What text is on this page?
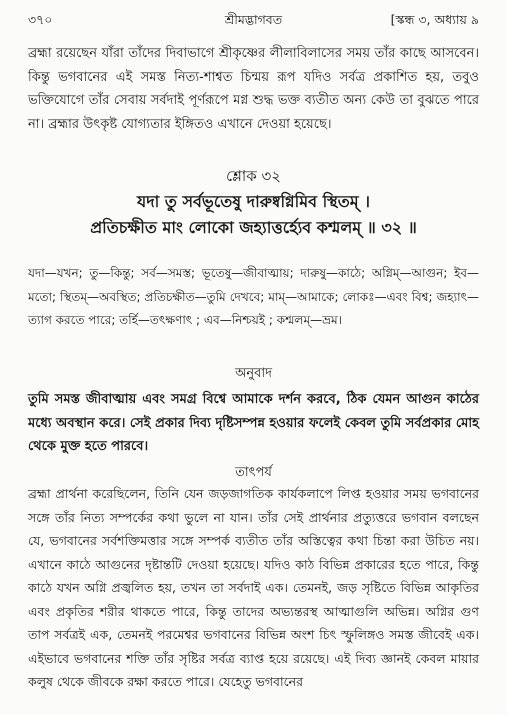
৩৭০	শ্রীমদ্ভাগবত	[স্কন্ধ ৩, অধ্যায় ৯
ব্রহ্মা রয়েছেন যাঁরা তাঁদের দিবাভাগে শ্রীকৃষ্ণের লীলাবিলাসের সময় তাঁর কাছে আসবেন। কিন্তু ভগবানের এই সমস্ত নিত্য-শাশ্বত চিন্ময় রূপ যদিও সর্বত্র প্রকাশিত হয়, তবুও ভক্তিযোগে তাঁর সেবায় সর্বদাই পূর্ণরূপে মগ্ন শুদ্ধ ভক্ত ব্যতীত অন্য কেউ তা বুঝতে পারে না। ব্রহ্মার উৎকৃষ্ট যোগ্যতার ইঙ্গিতও এখানে দেওয়া হয়েছে।
শ্লোক ৩২
যদা তু সর্বভূতেষু দারুষ্বগ্নিমিব স্থিতম্‌ ।
প্রতিচক্ষীত মাং লোকো জহ্যাত্তর্হ্যেব কশ্মলম্‌ ॥ ৩২ ॥
যদা—যখন; তু—কিন্তু; সর্ব—সমস্ত; ভূতেষু—জীবাত্মায়; দারুষু—কাঠে; অগ্নিম্‌—আগুন; ইব—মতো; স্থিতম্‌—অবস্থিত; প্রতিচক্ষীত—তুমি দেখবে; মাম্‌—আমাকে; লোকঃ—এবং বিশ্ব; জহ্যাৎ—ত্যাগ করতে পারে; তর্হি—তৎক্ষণাৎ ; এব—নিশ্চয়ই ; কশ্মলম্‌—ভ্রম।
অনুবাদ
তুমি সমস্ত জীবাত্মায় এবং সমগ্র বিশ্বে আমাকে দর্শন করবে, ঠিক যেমন আগুন কাঠের মধ্যে অবস্থান করে। সেই প্রকার দিব্য দৃষ্টিসম্পন্ন হওয়ার ফলেই কেবল তুমি সর্বপ্রকার মোহ থেকে মুক্ত হতে পারবে।
তাৎপর্য
ব্রহ্মা প্রার্থনা করেছিলেন, তিনি যেন জড়জাগতিক কার্যকলাপে লিপ্ত হওয়ার সময় ভগবানের সঙ্গে তাঁর নিত্য সম্পর্কের কথা ভুলে না যান। তাঁর সেই প্রার্থনার প্রত্যুত্তরে ভগবান বলছেন যে, ভগবানের সর্বশক্তিমত্তার সঙ্গে সম্পর্ক ব্যতীত তাঁর অস্তিত্বের কথা চিন্তা করা উচিত নয়। এখানে কাঠে আগুনের দৃষ্টান্তটি দেওয়া হয়েছে। যদিও কাঠ বিভিন্ন প্রকারের হতে পারে, কিন্তু কাঠে যখন অগ্নি প্রজ্বলিত হয়, তখন তা সর্বদাই এক। তেমনই, জড় সৃষ্টিতে বিভিন্ন আকৃতির এবং প্রকৃতির শরীর থাকতে পারে, কিন্তু তাদের অভ্যন্তরস্থ আত্মাগুলি অভিন্ন। অগ্নির গুণ তাপ সর্বত্রই এক, তেমনই পরমেশ্বর ভগবানের বিভিন্ন অংশ চিৎ স্ফুলিঙ্গও সমস্ত জীবেই এক। এইভাবে ভগবানের শক্তি তাঁর সৃষ্টির সর্বত্র ব্যাপ্ত হয়ে রয়েছে। এই দিব্য জ্ঞানই কেবল মায়ার কলুষ থেকে জীবকে রক্ষা করতে পারে। যেহেতু ভগবানের
